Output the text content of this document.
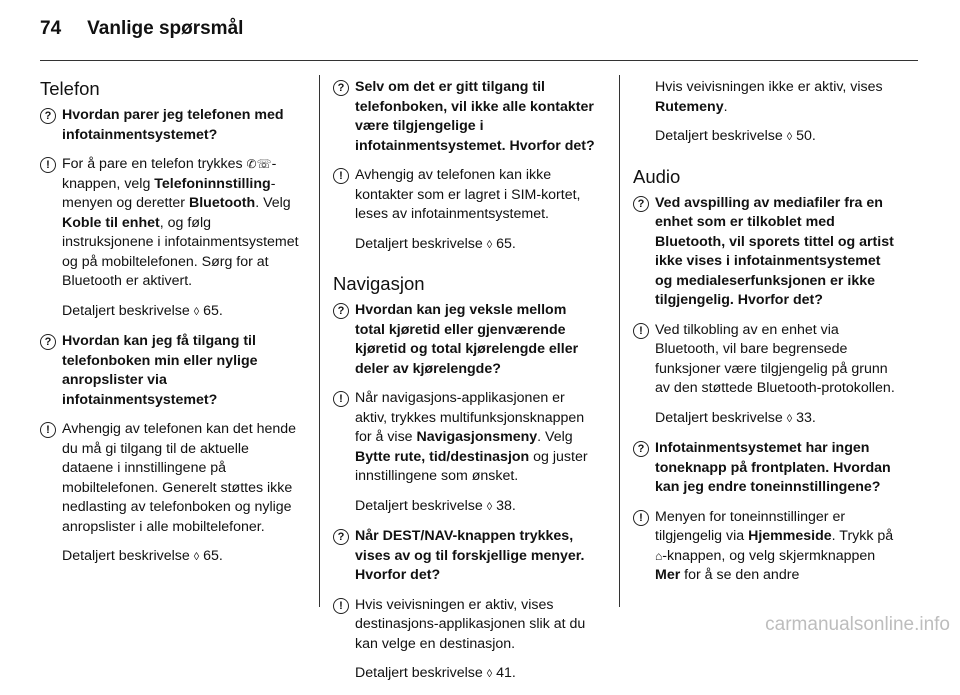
74 Vanlige spørsmål
Telefon
? Hvordan parer jeg telefonen med infotainmentsystemet?
! For å pare en telefon trykkes ✆☏-knappen, velg Telefoninnstilling-menyen og deretter Bluetooth. Velg Koble til enhet, og følg instruksjonene i infotainmentsystemet og på mobiltelefonen. Sørg for at Bluetooth er aktivert.
Detaljert beskrivelse ◊ 65.
? Hvordan kan jeg få tilgang til telefonboken min eller nylige anropslister via infotainmentsystemet?
! Avhengig av telefonen kan det hende du må gi tilgang til de aktuelle dataene i innstillingene på mobiltelefonen. Generelt støttes ikke nedlasting av telefonboken og nylige anropslister i alle mobiltelefoner.
Detaljert beskrivelse ◊ 65.
? Selv om det er gitt tilgang til telefonboken, vil ikke alle kontakter være tilgjengelige i infotainmentsystemet. Hvorfor det?
! Avhengig av telefonen kan ikke kontakter som er lagret i SIM-kortet, leses av infotainmentsystemet.
Detaljert beskrivelse ◊ 65.
Navigasjon
? Hvordan kan jeg veksle mellom total kjøretid eller gjenværende kjøretid og total kjørelengde eller deler av kjørelengde?
! Når navigasjons-applikasjonen er aktiv, trykkes multifunksjonsknappen for å vise Navigasjonsmeny. Velg Bytte rute, tid/destinasjon og juster innstillingene som ønsket.
Detaljert beskrivelse ◊ 38.
? Når DEST/NAV-knappen trykkes, vises av og til forskjellige menyer. Hvorfor det?
! Hvis veivisningen er aktiv, vises destinasjons-applikasjonen slik at du kan velge en destinasjon.
Detaljert beskrivelse ◊ 41.
Hvis veivisningen ikke er aktiv, vises Rutemeny.
Detaljert beskrivelse ◊ 50.
Audio
? Ved avspilling av mediafiler fra en enhet som er tilkoblet med Bluetooth, vil sporets tittel og artist ikke vises i infotainmentsystemet og medialeserfunksjonen er ikke tilgjengelig. Hvorfor det?
! Ved tilkobling av en enhet via Bluetooth, vil bare begrensede funksjoner være tilgjengelig på grunn av den støttede Bluetooth-protokollen.
Detaljert beskrivelse ◊ 33.
? Infotainmentsystemet har ingen toneknapp på frontplaten. Hvordan kan jeg endre toneinnstillingene?
! Menyen for toneinnstillinger er tilgjengelig via Hjemmeside. Trykk på ⌂-knappen, og velg skjermknappen Mer for å se den andre
carmanualsonline.info
